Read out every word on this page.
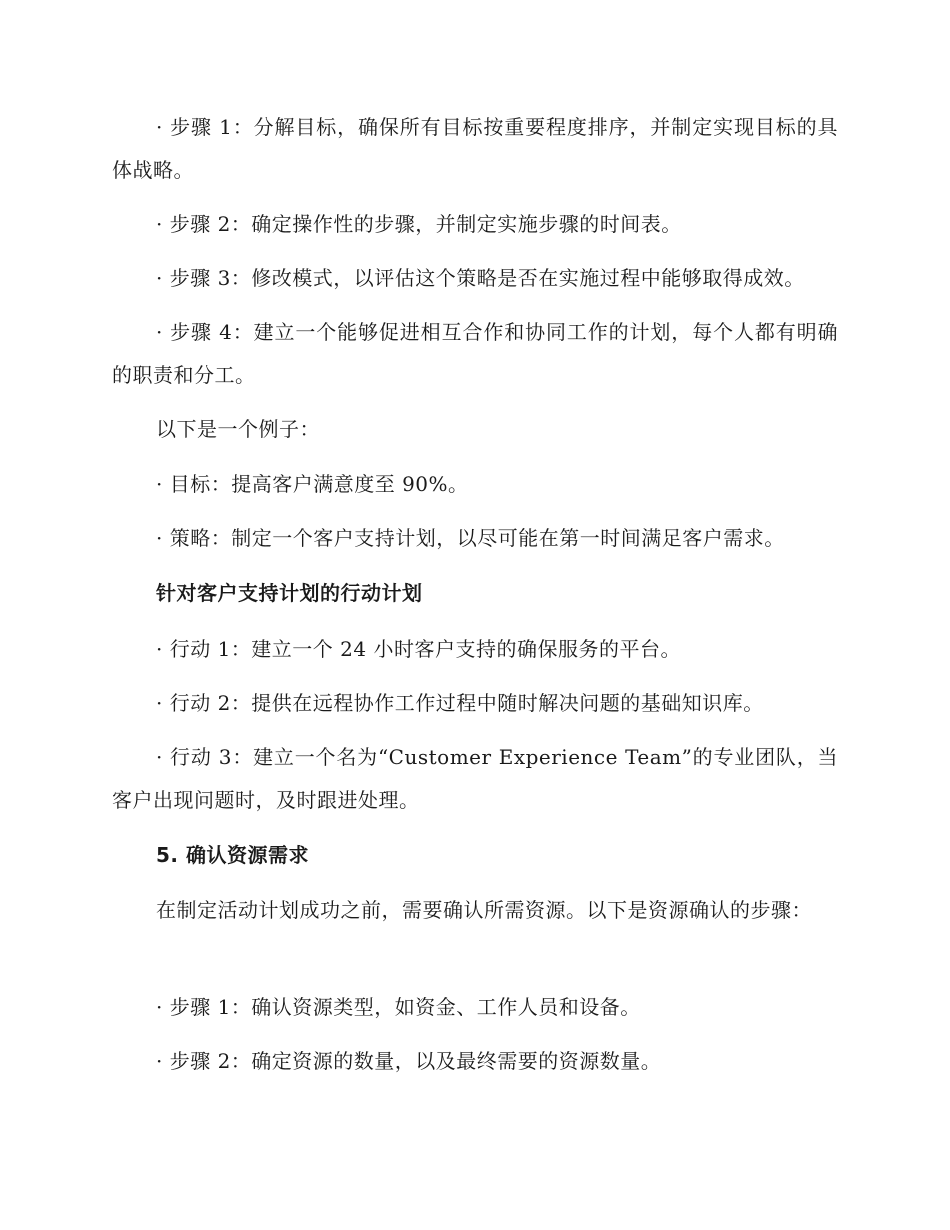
· 步骤 1：分解目标，确保所有目标按重要程度排序，并制定实现目标的具体战略。

· 步骤 2：确定操作性的步骤，并制定实施步骤的时间表。

· 步骤 3：修改模式，以评估这个策略是否在实施过程中能够取得成效。

· 步骤 4：建立一个能够促进相互合作和协同工作的计划，每个人都有明确的职责和分工。

以下是一个例子：

· 目标：提高客户满意度至 90%。

· 策略：制定一个客户支持计划，以尽可能在第一时间满足客户需求。

针对客户支持计划的行动计划

· 行动 1：建立一个 24 小时客户支持的确保服务的平台。

· 行动 2：提供在远程协作工作过程中随时解决问题的基础知识库。

· 行动 3：建立一个名为“Customer Experience Team”的专业团队，当客户出现问题时，及时跟进处理。

5. 确认资源需求

在制定活动计划成功之前，需要确认所需资源。以下是资源确认的步骤：

· 步骤 1：确认资源类型，如资金、工作人员和设备。

· 步骤 2：确定资源的数量，以及最终需要的资源数量。
